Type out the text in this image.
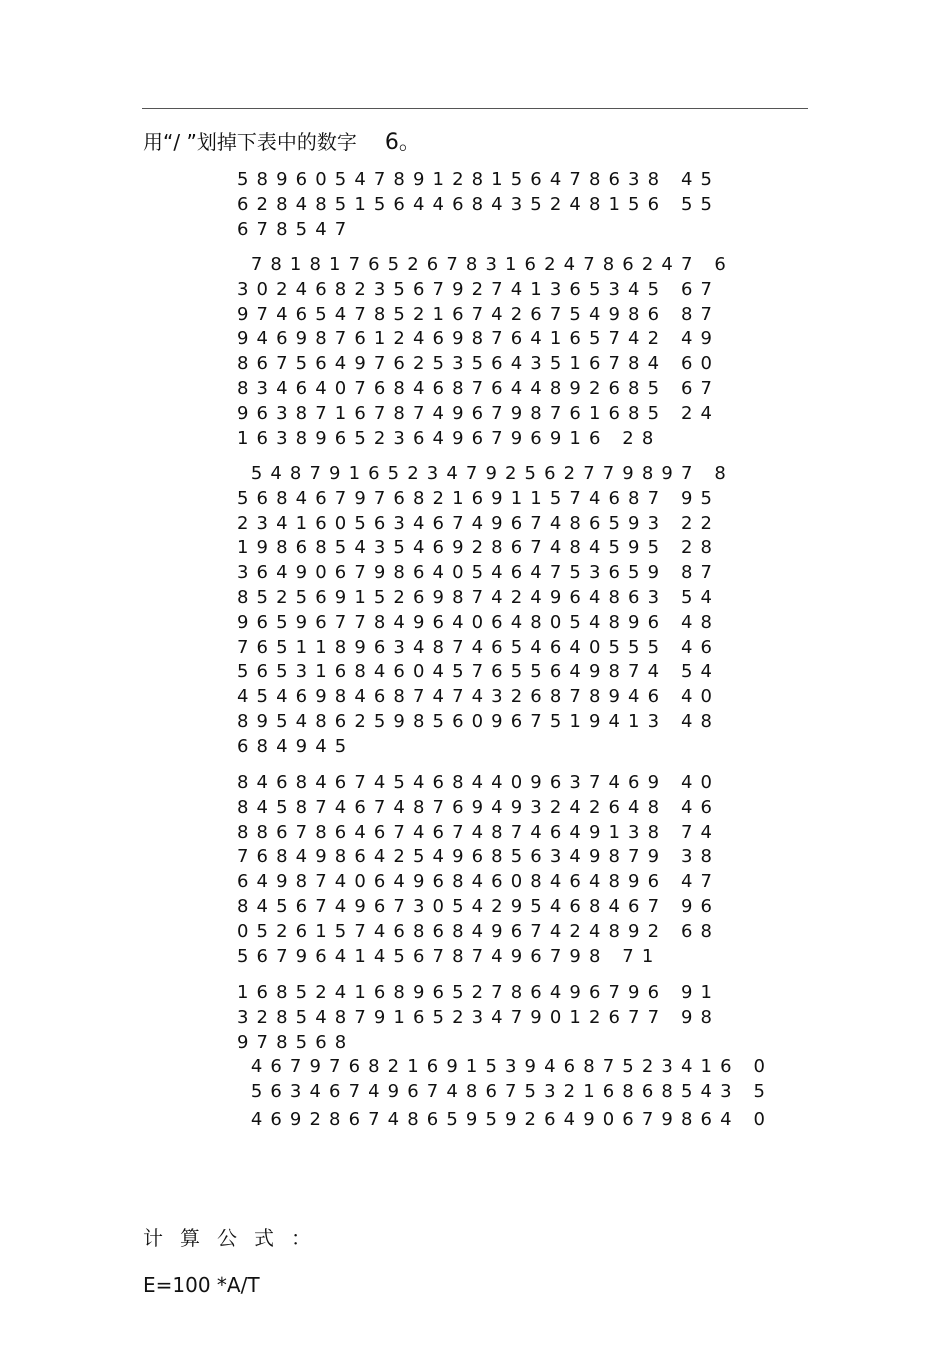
用“/ ”划掉下表中的数字 6。
5896054789128156478638 45
6284851564468435248156 55
678547
78181765267831624786247 6
3024682356792741365345 67
9746547852167426754986 87
9469876124698764165742 49
8675649762535643516784 60
8346407684687644892685 67
9638716787496798761685 24
1638965236496796916 28
54879165234792562779897 8
5684679768216911574687 95
2341605634674967486593 22
1986854354692867484595 28
3649067986405464753659 87
8525691526987424964863 54
9659677849640648054896 48
7651189634874654640555 46
5653168460457655649874 54
4546984687474326878946 40
8954862598560967519413 48
684945
8468467454684409637469 40
8458746748769493242648 46
8867864674674874649138 74
7684986425496856349879 38
6498740649684608464896 47
8456749673054295468467 96
0526157468684967424892 68
5679641456787496798 71
1685241689652786496796 91
3285487916523479012677 98
978568
4679768216915394687523416 0
5634674967486753216868543 5
4692867486595926490679864 0
计算公式：
E=100 *A/T
